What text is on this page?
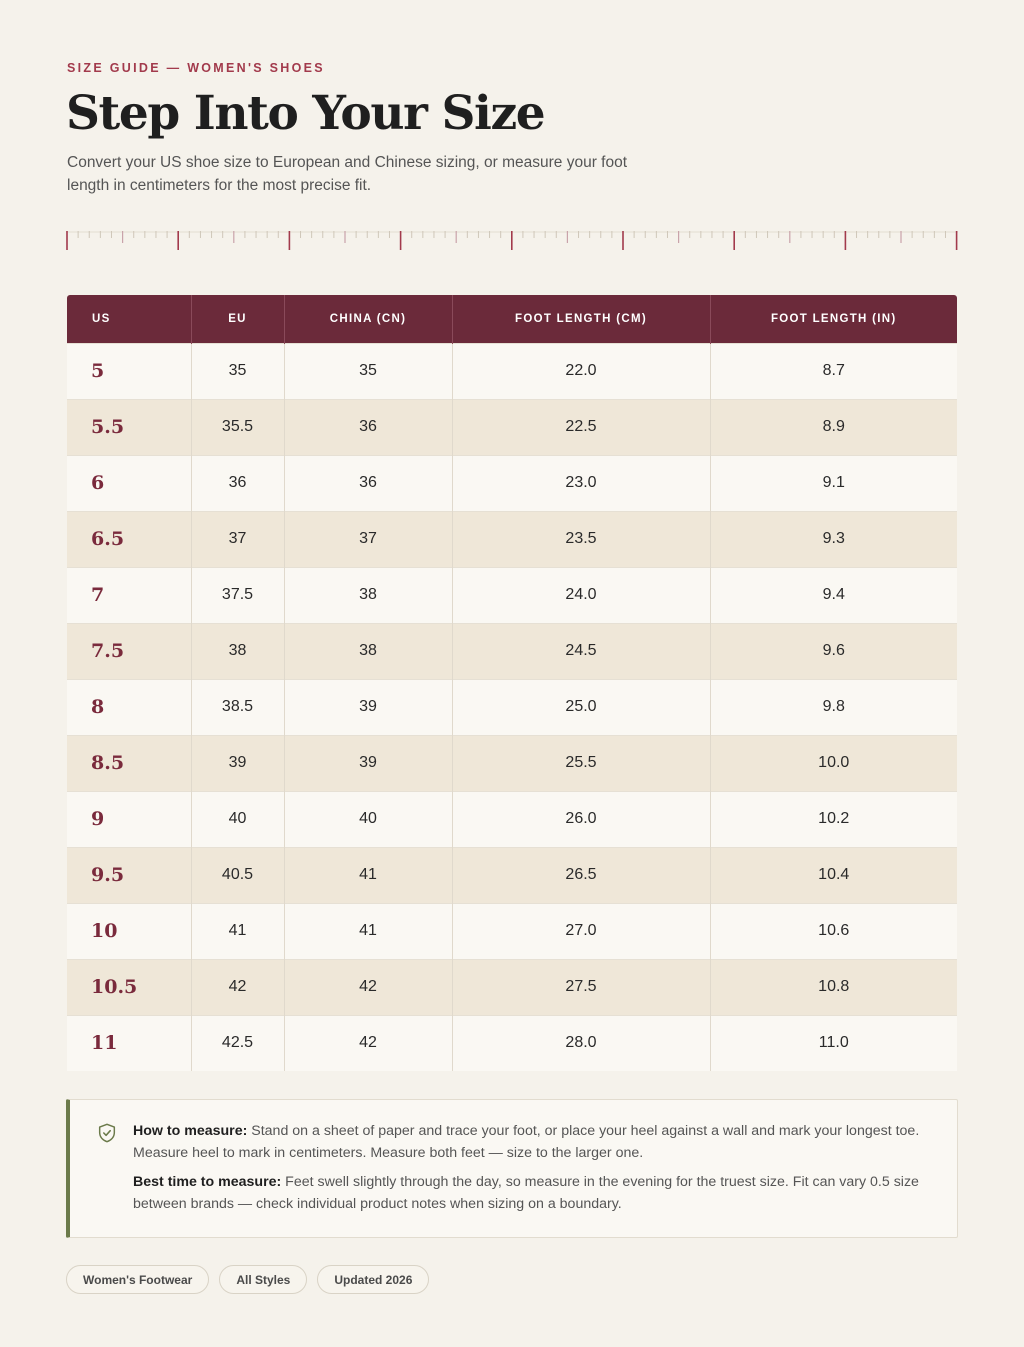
SIZE GUIDE — WOMEN'S SHOES
Step Into Your Size

Convert your US shoe size to European and Chinese sizing, or measure your foot length in centimeters for the most precise fit.

US	EU	CHINA (CN)	FOOT LENGTH (CM)	FOOT LENGTH (IN)
5	35	35	22.0	8.7
5.5	35.5	36	22.5	8.9
6	36	36	23.0	9.1
6.5	37	37	23.5	9.3
7	37.5	38	24.0	9.4
7.5	38	38	24.5	9.6
8	38.5	39	25.0	9.8
8.5	39	39	25.5	10.0
9	40	40	26.0	10.2
9.5	40.5	41	26.5	10.4
10	41	41	27.0	10.6
10.5	42	42	27.5	10.8
11	42.5	42	28.0	11.0

How to measure: Stand on a sheet of paper and trace your foot, or place your heel against a wall and mark your longest toe. Measure heel to mark in centimeters. Measure both feet — size to the larger one.

Best time to measure: Feet swell slightly through the day, so measure in the evening for the truest size. Fit can vary 0.5 size between brands — check individual product notes when sizing on a boundary.

Women's Footwear	All Styles	Updated 2026
